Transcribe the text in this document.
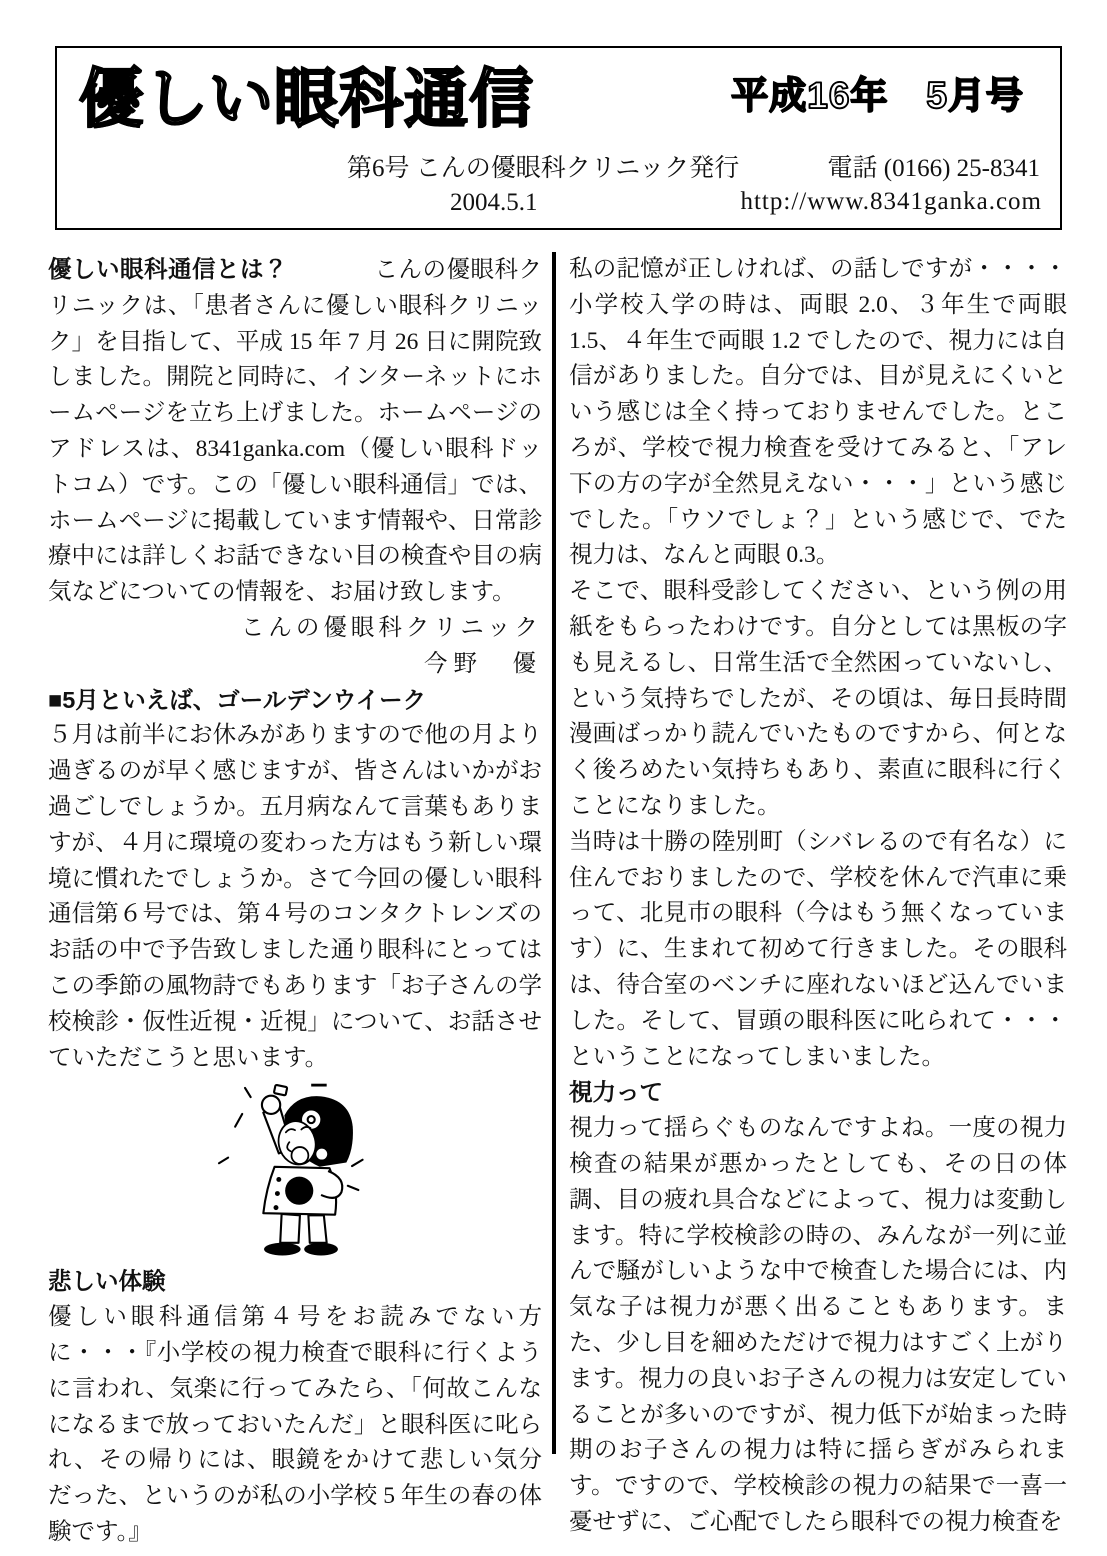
優しい眼科通信	平成16年　5月号
第6号 こんの優眼科クリニック発行
2004.5.1
電話 (0166) 25-8341
http://www.8341ganka.com

優しい眼科通信とは？	こんの優眼科クリニックは、「患者さんに優しい眼科クリニック」を目指して、平成 15 年 7 月 26 日に開院致しました。開院と同時に、インターネットにホームページを立ち上げました。ホームページのアドレスは、8341ganka.com（優しい眼科ドットコム）です。この「優しい眼科通信」では、ホームページに掲載しています情報や、日常診療中には詳しくお話できない目の検査や目の病気などについての情報を、お届け致します。

こんの優眼科クリニック

今野　優

■5月といえば、ゴールデンウイーク

５月は前半にお休みがありますので他の月より過ぎるのが早く感じますが、皆さんはいかがお過ごしでしょうか。五月病なんて言葉もありますが、４月に環境の変わった方はもう新しい環境に慣れたでしょうか。さて今回の優しい眼科通信第６号では、第４号のコンタクトレンズのお話の中で予告致しました通り眼科にとってはこの季節の風物詩でもあります「お子さんの学校検診・仮性近視・近視」について、お話させていただこうと思います。

悲しい体験

優しい眼科通信第４号をお読みでない方に・・・『小学校の視力検査で眼科に行くように言われ、気楽に行ってみたら、「何故こんなになるまで放っておいたんだ」と眼科医に叱られ、その帰りには、眼鏡をかけて悲しい気分だった、というのが私の小学校 5 年生の春の体験です。』

私の記憶が正しければ、の話しですが・・・・小学校入学の時は、両眼 2.0、３年生で両眼 1.5、４年生で両眼 1.2 でしたので、視力には自信がありました。自分では、目が見えにくいという感じは全く持っておりませんでした。ところが、学校で視力検査を受けてみると、「アレ下の方の字が全然見えない・・・」という感じでした。「ウソでしょ？」という感じで、でた視力は、なんと両眼 0.3。

そこで、眼科受診してください、という例の用紙をもらったわけです。自分としては黒板の字も見えるし、日常生活で全然困っていないし、という気持ちでしたが、その頃は、毎日長時間漫画ばっかり読んでいたものですから、何となく後ろめたい気持ちもあり、素直に眼科に行くことになりました。

当時は十勝の陸別町（シバレるので有名な）に住んでおりましたので、学校を休んで汽車に乗って、北見市の眼科（今はもう無くなっています）に、生まれて初めて行きました。その眼科は、待合室のベンチに座れないほど込んでいました。そして、冒頭の眼科医に叱られて・・・ということになってしまいました。

視力って

視力って揺らぐものなんですよね。一度の視力検査の結果が悪かったとしても、その日の体調、目の疲れ具合などによって、視力は変動します。特に学校検診の時の、みんなが一列に並んで騒がしいような中で検査した場合には、内気な子は視力が悪く出ることもあります。また、少し目を細めただけで視力はすごく上がります。視力の良いお子さんの視力は安定していることが多いのですが、視力低下が始まった時期のお子さんの視力は特に揺らぎがみられます。ですので、学校検診の視力の結果で一喜一憂せずに、ご心配でしたら眼科での視力検査を
